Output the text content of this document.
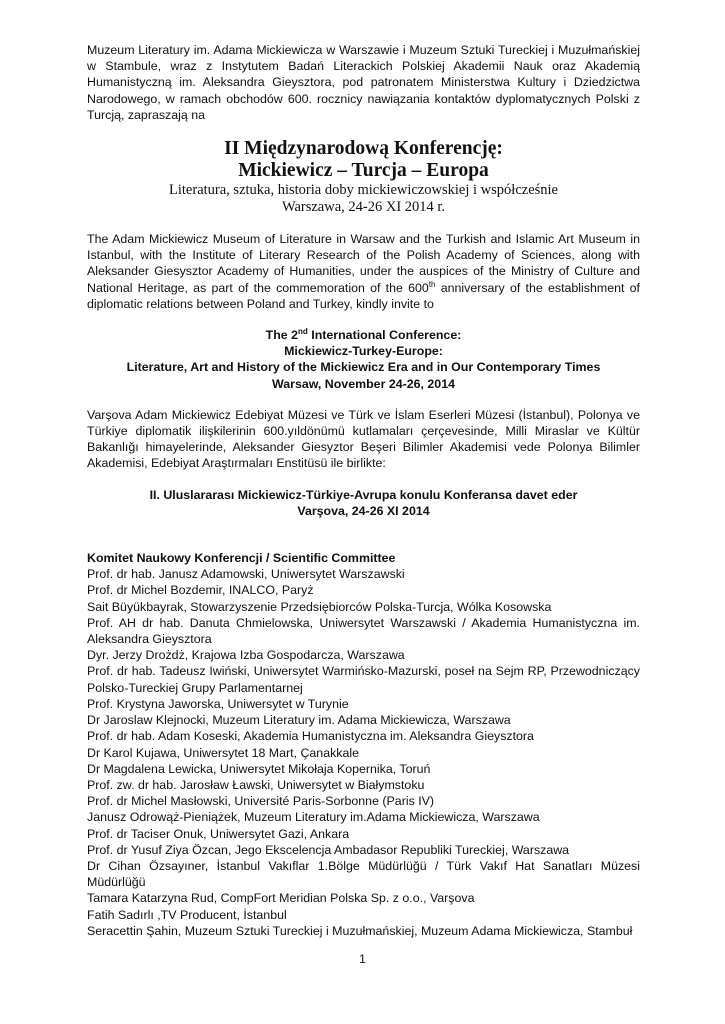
Muzeum Literatury im. Adama Mickiewicza w Warszawie i Muzeum Sztuki Tureckiej i Muzułmańskiej w Stambule, wraz z Instytutem Badań Literackich Polskiej Akademii Nauk oraz Akademią Humanistyczną im. Aleksandra Gieysztora, pod patronatem Ministerstwa Kultury i Dziedzictwa Narodowego, w ramach obchodów 600. rocznicy nawiązania kontaktów dyplomatycznych Polski z Turcją, zapraszają na

II Międzynarodową Konferencję:

Mickiewicz – Turcja – Europa

Literatura, sztuka, historia doby mickiewiczowskiej i współcześnie

Warszawa, 24-26 XI 2014 r.

The Adam Mickiewicz Museum of Literature in Warsaw and the Turkish and Islamic Art Museum in Istanbul, with the Institute of Literary Research of the Polish Academy of Sciences, along with Aleksander Giesysztor Academy of Humanities, under the auspices of the Ministry of Culture and National Heritage, as part of the commemoration of the 600th anniversary of the establishment of diplomatic relations between Poland and Turkey, kindly invite to

The 2nd International Conference:
Mickiewicz-Turkey-Europe:
Literature, Art and History of the Mickiewicz Era and in Our Contemporary Times
Warsaw, November 24-26, 2014

Varşova Adam Mickiewicz Edebiyat Müzesi ve Türk ve İslam Eserleri Müzesi (İstanbul), Polonya ve Türkiye diplomatik ilişkilerinin 600.yıldönümü kutlamaları çerçevesinde, Milli Miraslar ve Kültür Bakanlığı himayelerinde, Aleksander Giesyztor Beşeri Bilimler Akademisi vede Polonya Bilimler Akademisi, Edebiyat Araştırmaları Enstitüsü ile birlikte:

II. Uluslararası Mickiewicz-Türkiye-Avrupa konulu Konferansa davet eder
Varşova, 24-26 XI 2014
Komitet Naukowy Konferencji / Scientific Committee

Prof. dr hab. Janusz Adamowski, Uniwersytet Warszawski

Prof. dr Michel Bozdemir, INALCO, Paryż

Sait Büyükbayrak, Stowarzyszenie Przedsiębiorców Polska-Turcja, Wólka Kosowska

Prof. AH dr hab. Danuta Chmielowska, Uniwersytet Warszawski / Akademia Humanistyczna im. Aleksandra Gieysztora

Dyr. Jerzy Drożdż, Krajowa Izba Gospodarcza, Warszawa

Prof. dr hab. Tadeusz Iwiński, Uniwersytet Warmińsko-Mazurski, poseł na Sejm RP, Przewodniczący Polsko-Tureckiej Grupy Parlamentarnej

Prof. Krystyna Jaworska, Uniwersytet w Turynie

Dr Jaroslaw Klejnocki, Muzeum Literatury im. Adama Mickiewicza, Warszawa

Prof. dr hab. Adam Koseski, Akademia Humanistyczna im. Aleksandra Gieysztora

Dr Karol Kujawa, Uniwersytet 18 Mart, Çanakkale

Dr Magdalena Lewicka, Uniwersytet Mikołaja Kopernika, Toruń

Prof. zw. dr hab. Jarosław Ławski, Uniwersytet w Białymstoku

Prof. dr Michel Masłowski, Université Paris-Sorbonne (Paris IV)

Janusz Odrowąż-Pieniążek, Muzeum Literatury im.Adama Mickiewicza, Warszawa

Prof. dr Taciser Onuk, Uniwersytet Gazi, Ankara

Prof. dr Yusuf Ziya Özcan, Jego Ekscelencja Ambadasor Republiki Tureckiej, Warszawa

Dr Cihan Özsayıner, İstanbul Vakıflar 1.Bölge Müdürlüğü / Türk Vakıf Hat Sanatları Müzesi Müdürlüğü

Tamara Katarzyna Rud, CompFort Meridian Polska Sp. z o.o., Varşova

Fatih Sadırlı ,TV Producent, İstanbul

Seracettin Şahin, Muzeum Sztuki Tureckiej i Muzułmańskiej, Muzeum Adama Mickiewicza, Stambuł

1
